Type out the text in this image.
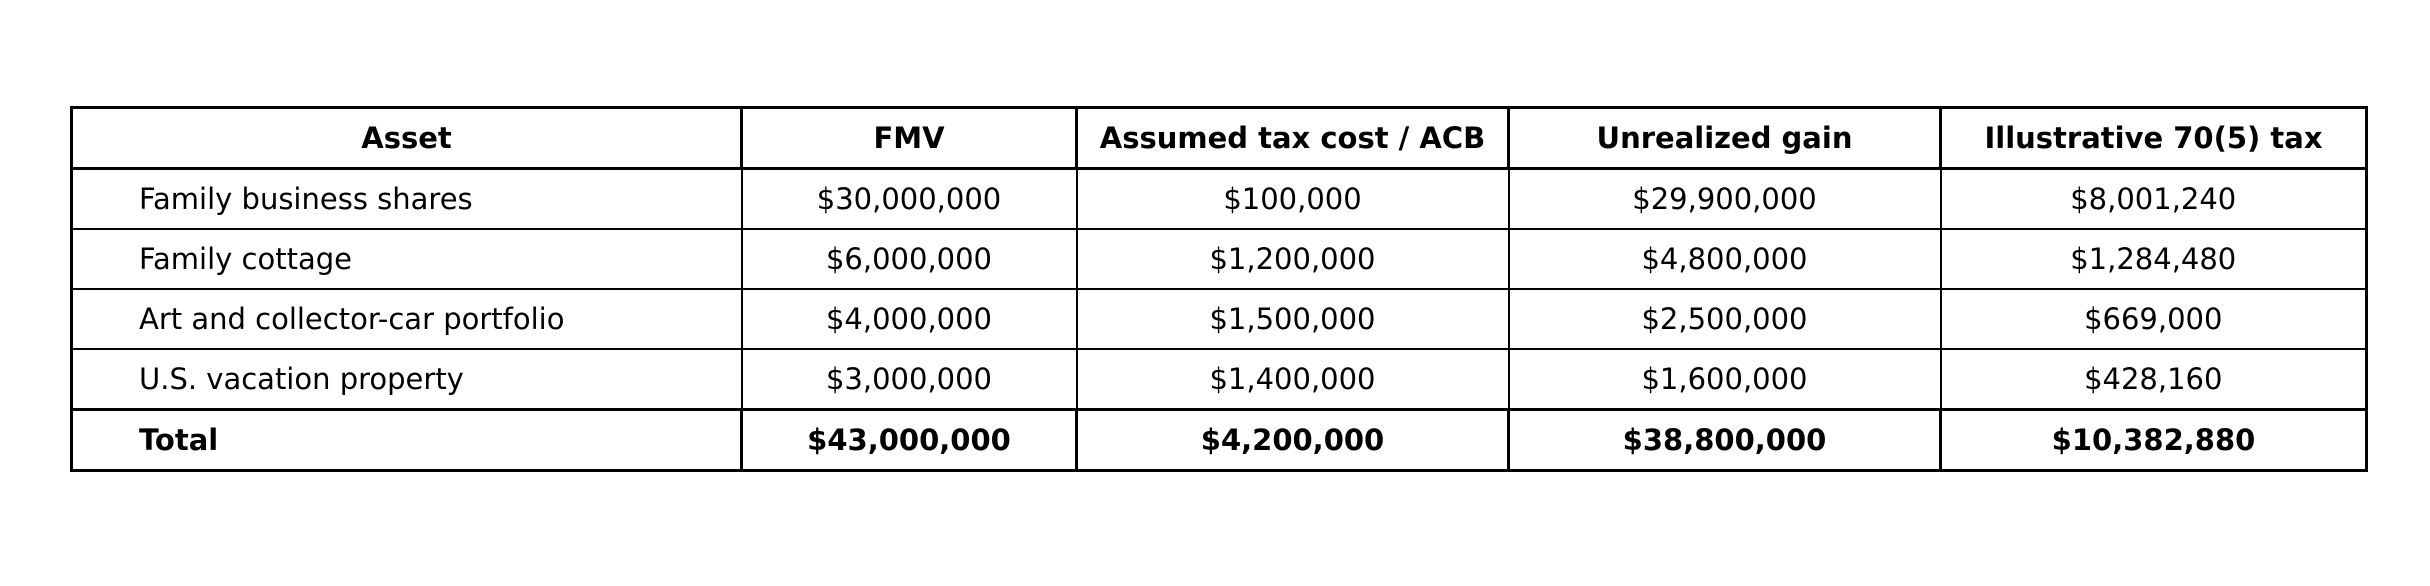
Asset	FMV	Assumed tax cost / ACB	Unrealized gain	Illustrative 70(5) tax
Family business shares	$30,000,000	$100,000	$29,900,000	$8,001,240
Family cottage	$6,000,000	$1,200,000	$4,800,000	$1,284,480
Art and collector-car portfolio	$4,000,000	$1,500,000	$2,500,000	$669,000
U.S. vacation property	$3,000,000	$1,400,000	$1,600,000	$428,160
Total	$43,000,000	$4,200,000	$38,800,000	$10,382,880
